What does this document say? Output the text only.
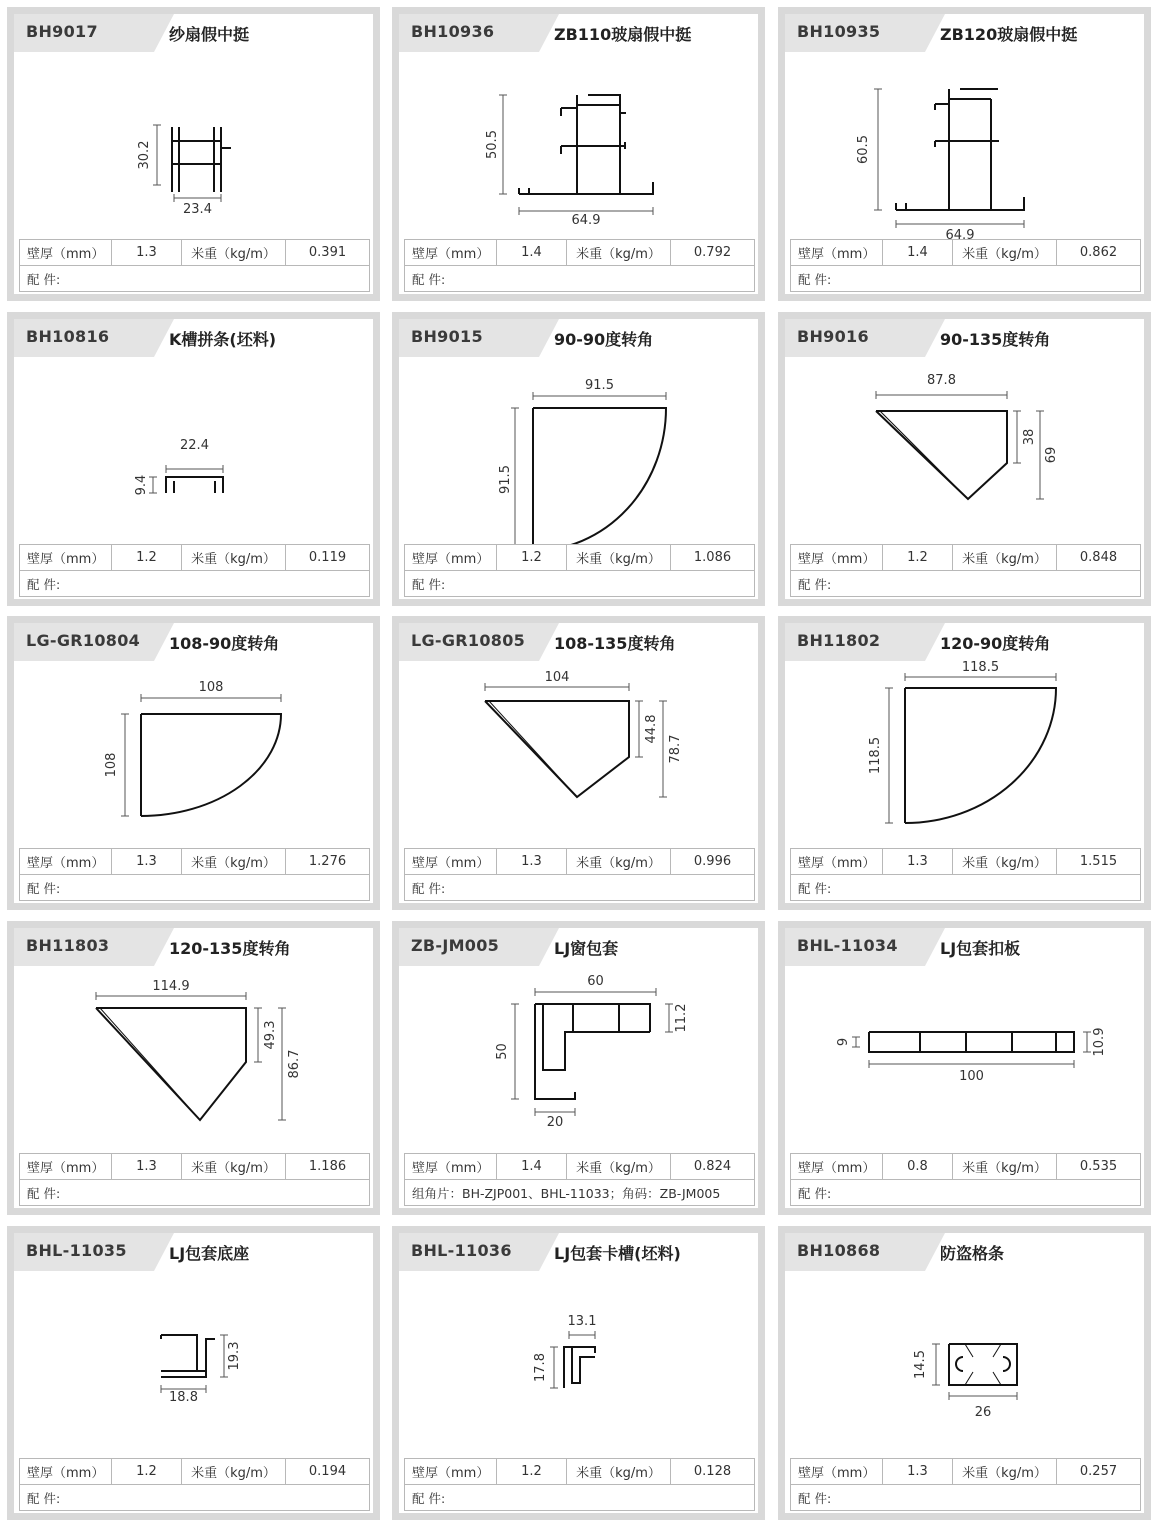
BH9017	纱扇假中挺
30.2
23.4
壁厚（mm）	1.3	米重（kg/m）	0.391
配 件:
BH10936	ZB110玻扇假中挺
50.5
64.9
壁厚（mm）	1.4	米重（kg/m）	0.792
配 件:
BH10935	ZB120玻扇假中挺
60.5
64.9
壁厚（mm）	1.4	米重（kg/m）	0.862
配 件:
BH10816	K槽拼条(坯料)
22.4
9.4
壁厚（mm）	1.2	米重（kg/m）	0.119
配 件:
BH9015	90-90度转角
91.5
91.5
壁厚（mm）	1.2	米重（kg/m）	1.086
配 件:
BH9016	90-135度转角
87.8
38
69
壁厚（mm）	1.2	米重（kg/m）	0.848
配 件:
LG-GR10804 108-90度转角
108
108
壁厚（mm）	1.3	米重（kg/m）	1.276
配 件:
LG-GR10805 108-135度转角
104
44.8
78.7
壁厚（mm）	1.3	米重（kg/m）	0.996
配 件:
BH11802	120-90度转角
118.5
118.5
壁厚（mm）	1.3	米重（kg/m）	1.515
配 件:
BH11803	120-135度转角
114.9
49.3
86.7
壁厚（mm）	1.3	米重（kg/m）	1.186
配 件:
ZB-JM005	LJ窗包套
60
11.2
50
20
壁厚（mm）	1.4	米重（kg/m）	0.824
组角片：BH-ZJP001、BHL-11033；角码：ZB-JM005
BHL-11034	LJ包套扣板
9	10.9
100
壁厚（mm）	0.8	米重（kg/m）	0.535
配 件:
BHL-11035	LJ包套底座
19.3
18.8
壁厚（mm）	1.2	米重（kg/m）	0.194
配 件:
BHL-11036	LJ包套卡槽(坯料)
13.1
17.8
壁厚（mm）	1.2	米重（kg/m）	0.128
配 件:
BH10868	防盗格条
14.5
26
壁厚（mm）	1.3	米重（kg/m）	0.257
配 件:
